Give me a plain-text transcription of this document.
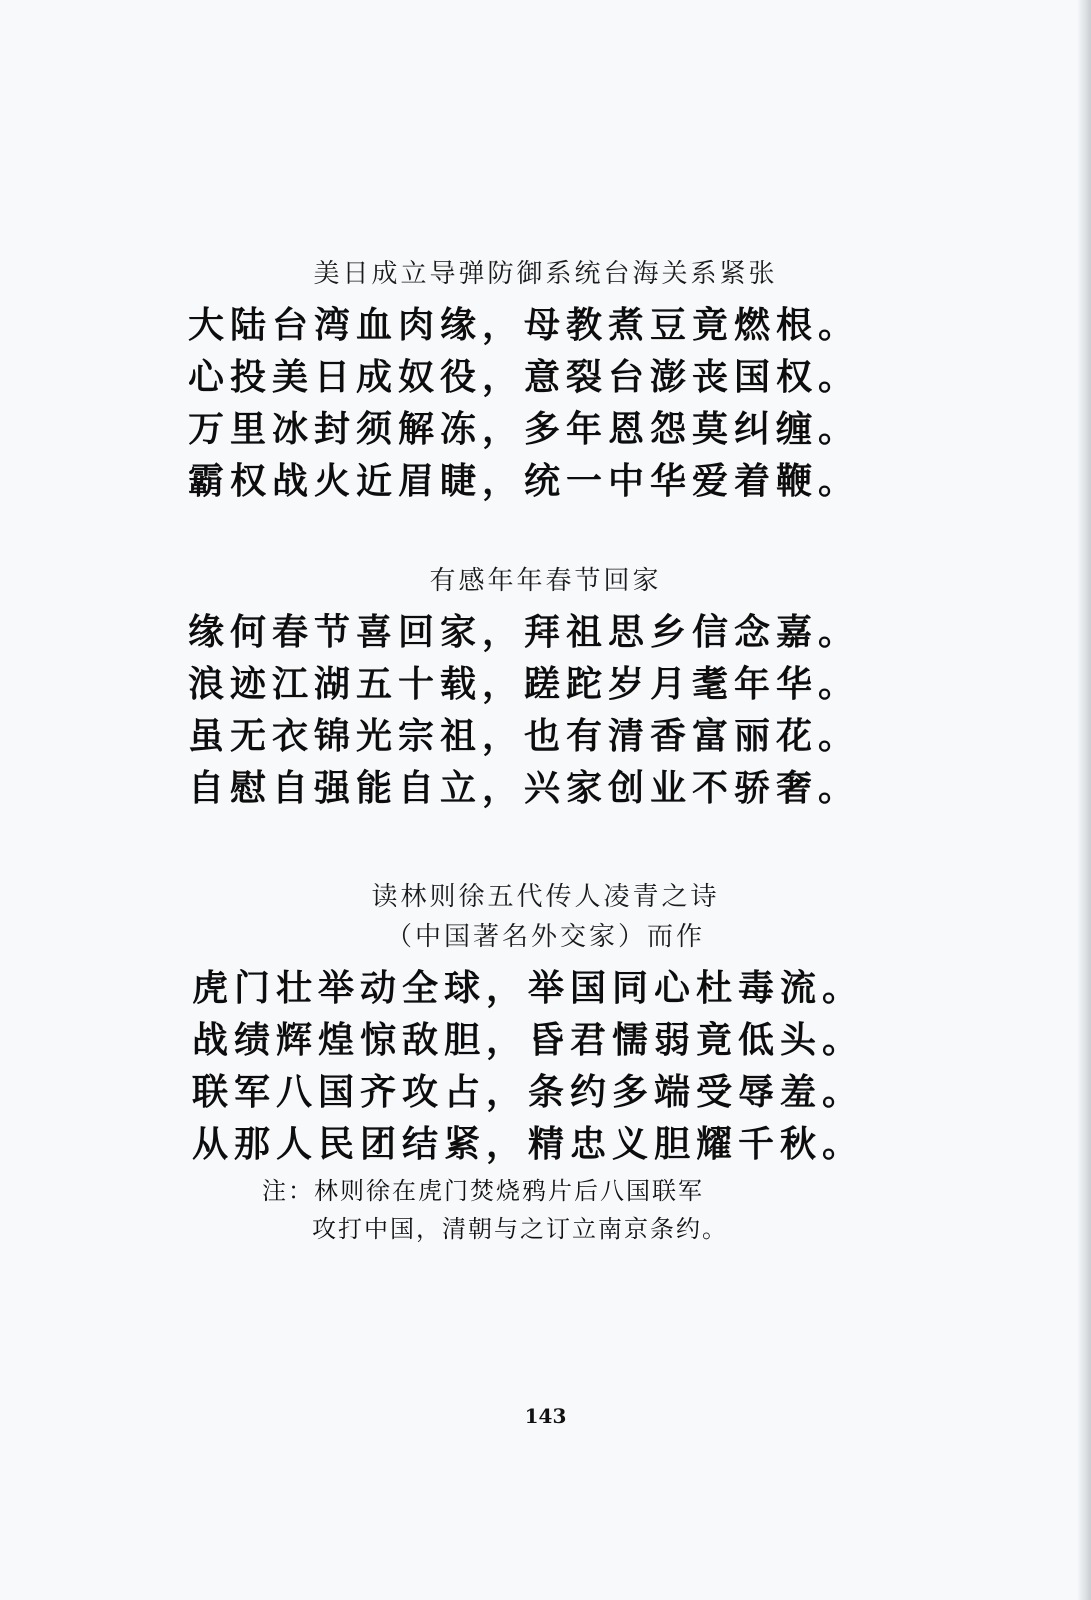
美日成立导弹防御系统台海关系紧张

大陆台湾血肉缘，母教煮豆竟燃根。

心投美日成奴役，意裂台澎丧国权。

万里冰封须解冻，多年恩怨莫纠缠。

霸权战火近眉睫，统一中华爱着鞭。

有感年年春节回家

缘何春节喜回家，拜祖思乡信念嘉。

浪迹江湖五十载，蹉跎岁月耄年华。

虽无衣锦光宗祖，也有清香富丽花。

自慰自强能自立，兴家创业不骄奢。

读林则徐五代传人凌青之诗
（中国著名外交家）而作

虎门壮举动全球，举国同心杜毒流。

战绩辉煌惊敌胆，昏君懦弱竟低头。

联军八国齐攻占，条约多端受辱羞。

从那人民团结紧，精忠义胆耀千秋。

注：林则徐在虎门焚烧鸦片后八国联军

攻打中国，清朝与之订立南京条约。

143
